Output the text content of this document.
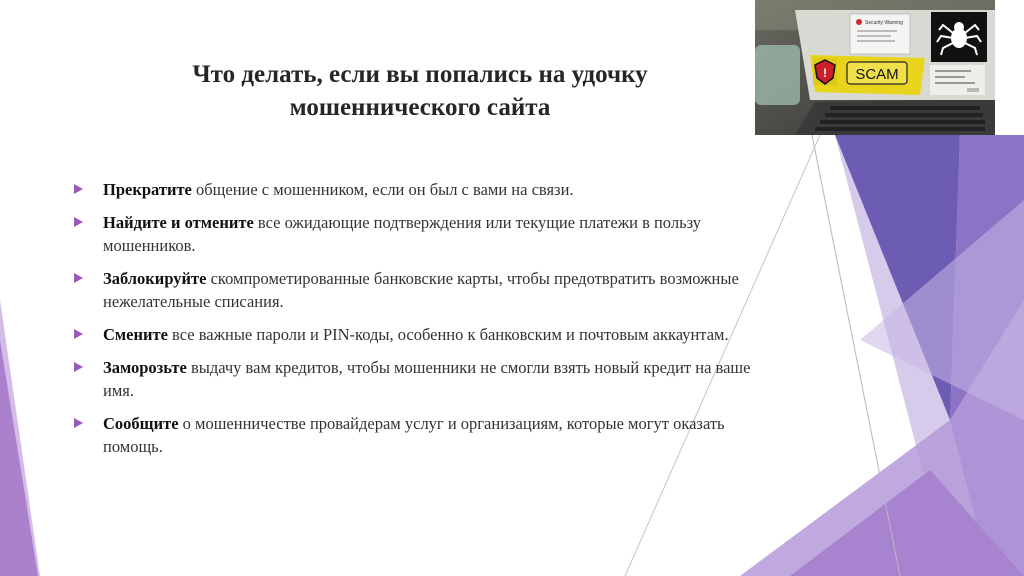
Security Warning
! SCAM
Что делать, если вы попались на удочку мошеннического сайта
Прекратите общение с мошенником, если он был с вами на связи.
Найдите и отмените все ожидающие подтверждения или текущие платежи в пользу мошенников.
Заблокируйте скомпрометированные банковские карты, чтобы предотвратить возможные нежелательные списания.
Смените все важные пароли и PIN-коды, особенно к банковским и почтовым аккаунтам.
Заморозьте выдачу вам кредитов, чтобы мошенники не смогли взять новый кредит на ваше имя.
Сообщите о мошенничестве провайдерам услуг и организациям, которые могут оказать помощь.
